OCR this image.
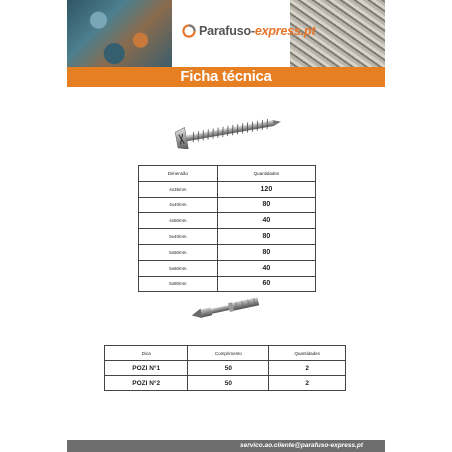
Parafuso-express.pt
Ficha técnica
Dimensão	Quantidades
4x35mm	120
4x40mm	80
4x50mm	40
5x40mm	80
5x50mm	80
5x60mm	40
5x80mm	60
Dica	Comprimento	Quantidades
POZI N°1	50	2
POZI N°2	50	2
servico.ao.cliente@parafuso-express.pt
